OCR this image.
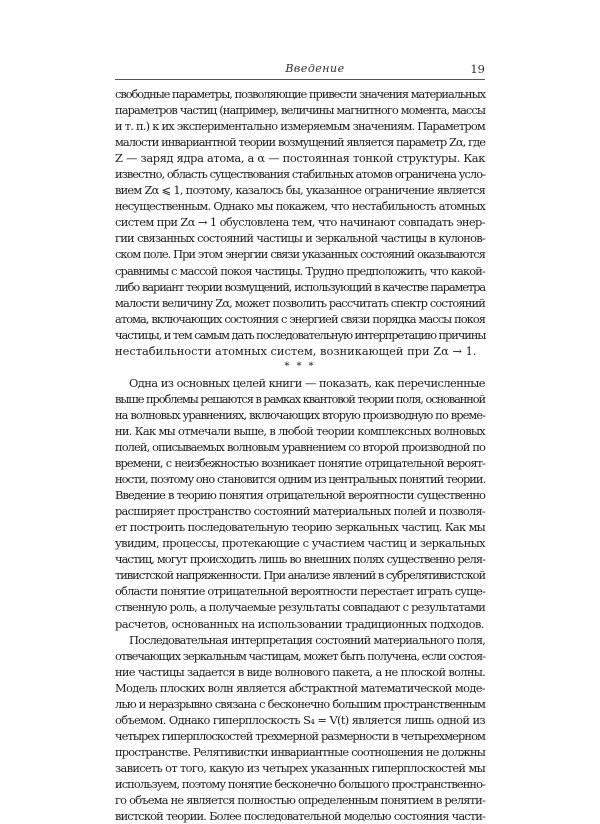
Введение	19

свободные параметры, позволяющие привести значения материальных
параметров частиц (например, величины магнитного момента, массы
и т. п.) к их экспериментально измеряемым значениям. Параметром
малости инвариантной теории возмущений является параметр Zα, где
Z — заряд ядра атома, а α — постоянная тонкой структуры. Как
известно, область существования стабильных атомов ограничена усло-
вием Zα ⩽ 1, поэтому, казалось бы, указанное ограничение является
несущественным. Однако мы покажем, что нестабильность атомных
систем при Zα → 1 обусловлена тем, что начинают совпадать энер-
гии связанных состояний частицы и зеркальной частицы в кулонов-
ском поле. При этом энергии связи указанных состояний оказываются
сравнимы с массой покоя частицы. Трудно предположить, что какой-
либо вариант теории возмущений, использующий в качестве параметра
малости величину Zα, может позволить рассчитать спектр состояний
атома, включающих состояния с энергией связи порядка массы покоя
частицы, и тем самым дать последовательную интерпретацию причины
нестабильности атомных систем, возникающей при Zα → 1.

* * *

Одна из основных целей книги — показать, как перечисленные
выше проблемы решаются в рамках квантовой теории поля, основанной
на волновых уравнениях, включающих вторую производную по време-
ни. Как мы отмечали выше, в любой теории комплексных волновых
полей, описываемых волновым уравнением со второй производной по
времени, с неизбежностью возникает понятие отрицательной вероят-
ности, поэтому оно становится одним из центральных понятий теории.
Введение в теорию понятия отрицательной вероятности существенно
расширяет пространство состояний материальных полей и позволя-
ет построить последовательную теорию зеркальных частиц. Как мы
увидим, процессы, протекающие с участием частиц и зеркальных
частиц, могут происходить лишь во внешних полях существенно реля-
тивистской напряженности. При анализе явлений в субрелятивистской
области понятие отрицательной вероятности перестает играть суще-
ственную роль, а получаемые результаты совпадают с результатами
расчетов, основанных на использовании традиционных подходов.

Последовательная интерпретация состояний материального поля,
отвечающих зеркальным частицам, может быть получена, если состоя-
ние частицы задается в виде волнового пакета, а не плоской волны.
Модель плоских волн является абстрактной математической моде-
лью и неразрывно связана с бесконечно большим пространственным
объемом. Однако гиперплоскость S₄ = V(t) является лишь одной из
четырех гиперплоскостей трехмерной размерности в четырехмерном
пространстве. Релятивистки инвариантные соотношения не должны
зависеть от того, какую из четырех указанных гиперплоскостей мы
используем, поэтому понятие бесконечно большого пространственно-
го объема не является полностью определенным понятием в реляти-
вистской теории. Более последовательной моделью состояния части-
